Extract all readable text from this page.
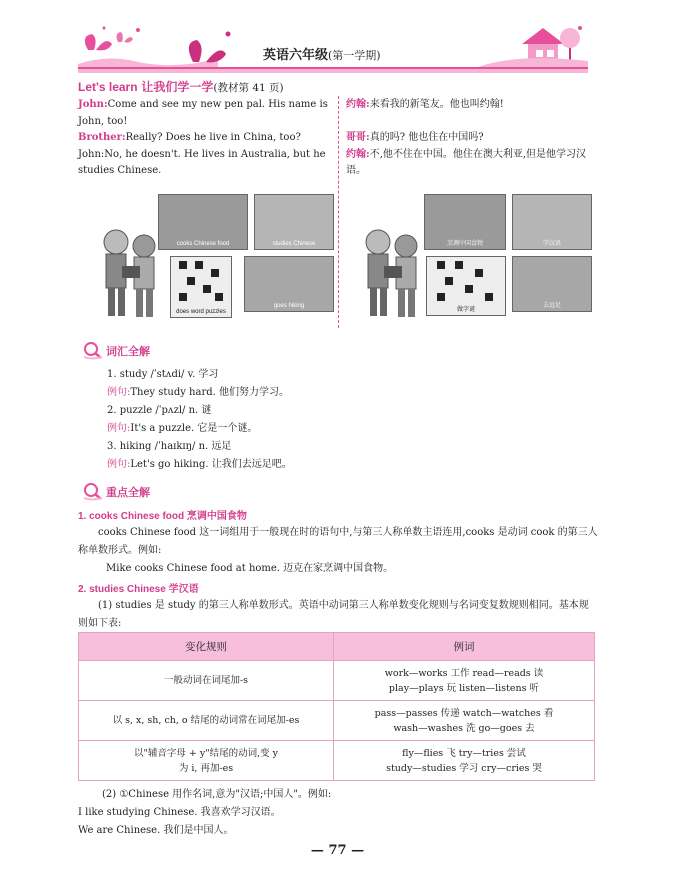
英语六年级(第一学期)
Let's learn 让我们学一学(教材第 41 页)
John:Come and see my new pen pal. His name is John, too!
Brother:Really? Does he live in China, too?
John:No, he doesn't. He lives in Australia, but he studies Chinese.
约翰:来看我的新笔友。他也叫约翰!
哥哥:真的吗? 他也住在中国吗?
约翰:不,他不住在中国。他住在澳大利亚,但是他学习汉语。
cooks Chinese food	studies Chinese
does word puzzles
goes hiking
烹调中国食物	学汉语
做字谜
去远足
词汇全解
1. study /ˈstʌdi/ v. 学习
例句:They study hard. 他们努力学习。
2. puzzle /ˈpʌzl/ n. 谜
例句:It's a puzzle. 它是一个谜。
3. hiking /ˈhaɪkɪŋ/ n. 远足
例句:Let's go hiking. 让我们去远足吧。
重点全解
1. cooks Chinese food 烹调中国食物
cooks Chinese food 这一词组用于一般现在时的语句中,与第三人称单数主语连用,cooks 是动词 cook 的第三人称单数形式。例如:
Mike cooks Chinese food at home. 迈克在家烹调中国食物。
2. studies Chinese 学汉语
(1) studies 是 study 的第三人称单数形式。英语中动词第三人称单数变化规则与名词变复数规则相同。基本规则如下表:
变化规则	例词
一般动词在词尾加-s	work—works 工作 read—reads 读
play—plays 玩 listen—listens 听

以 s, x, sh, ch, o 结尾的动词常在词尾加-es	pass—passes 传递 watch—watches 看
wash—washes 洗 go—goes 去

以"辅音字母 + y"结尾的动词,变 y 为 i, 再加-es	fly—flies 飞 try—tries 尝试
study—studies 学习 cry—cries 哭
(2) ①Chinese 用作名词,意为"汉语;中国人"。例如:
I like studying Chinese. 我喜欢学习汉语。
We are Chinese. 我们是中国人。
— 77 —
